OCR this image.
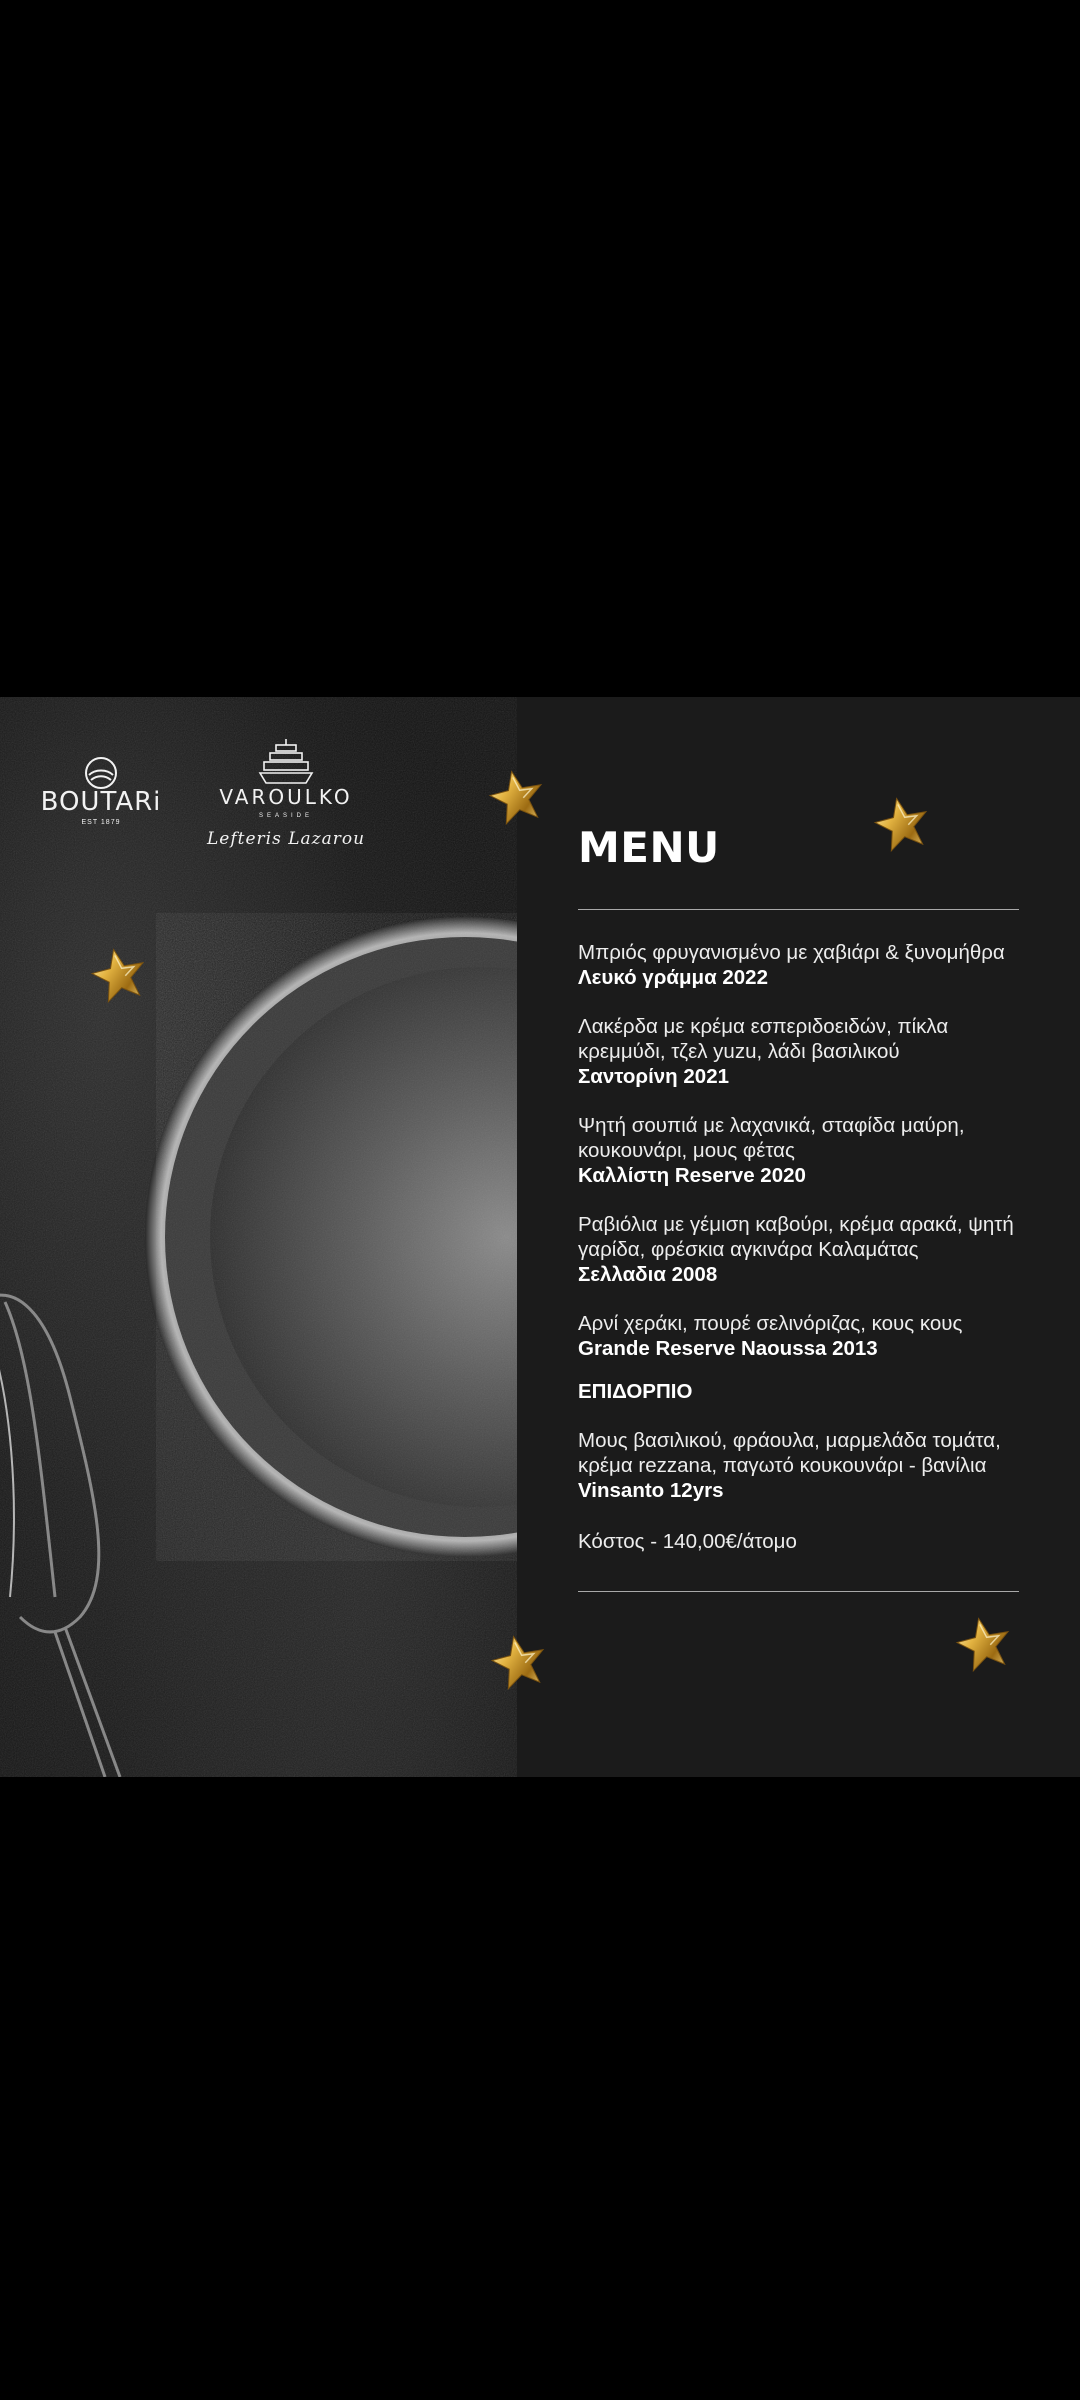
BOUTARi
EST 1879
VAROULKO
SEASIDE
Lefteris Lazarou	MENU
Μπριός φρυγανισμένο με χαβιάρι & ξυνομήθρα
Λευκό γράμμα 2022
Λακέρδα με κρέμα εσπεριδοειδών, πίκλα κρεμμύδι, τζελ yuzu, λάδι βασιλικού
Σαντορίνη 2021
Ψητή σουπιά με λαχανικά, σταφίδα μαύρη, κουκουνάρι, μους φέτας
Καλλίστη Reserve 2020
Ραβιόλια με γέμιση καβούρι, κρέμα αρακά, ψητή γαρίδα, φρέσκια αγκινάρα Καλαμάτας
Σελλαδια 2008
Αρνί χεράκι, πουρέ σελινόριζας, κους κους
Grande Reserve Naoussa 2013
ΕΠΙΔΟΡΠΙΟ
Μους βασιλικού, φράουλα, μαρμελάδα τομάτα, κρέμα rezzana, παγωτό κουκουνάρι - βανίλια
Vinsanto 12yrs
Κόστος - 140,00€/άτομο
